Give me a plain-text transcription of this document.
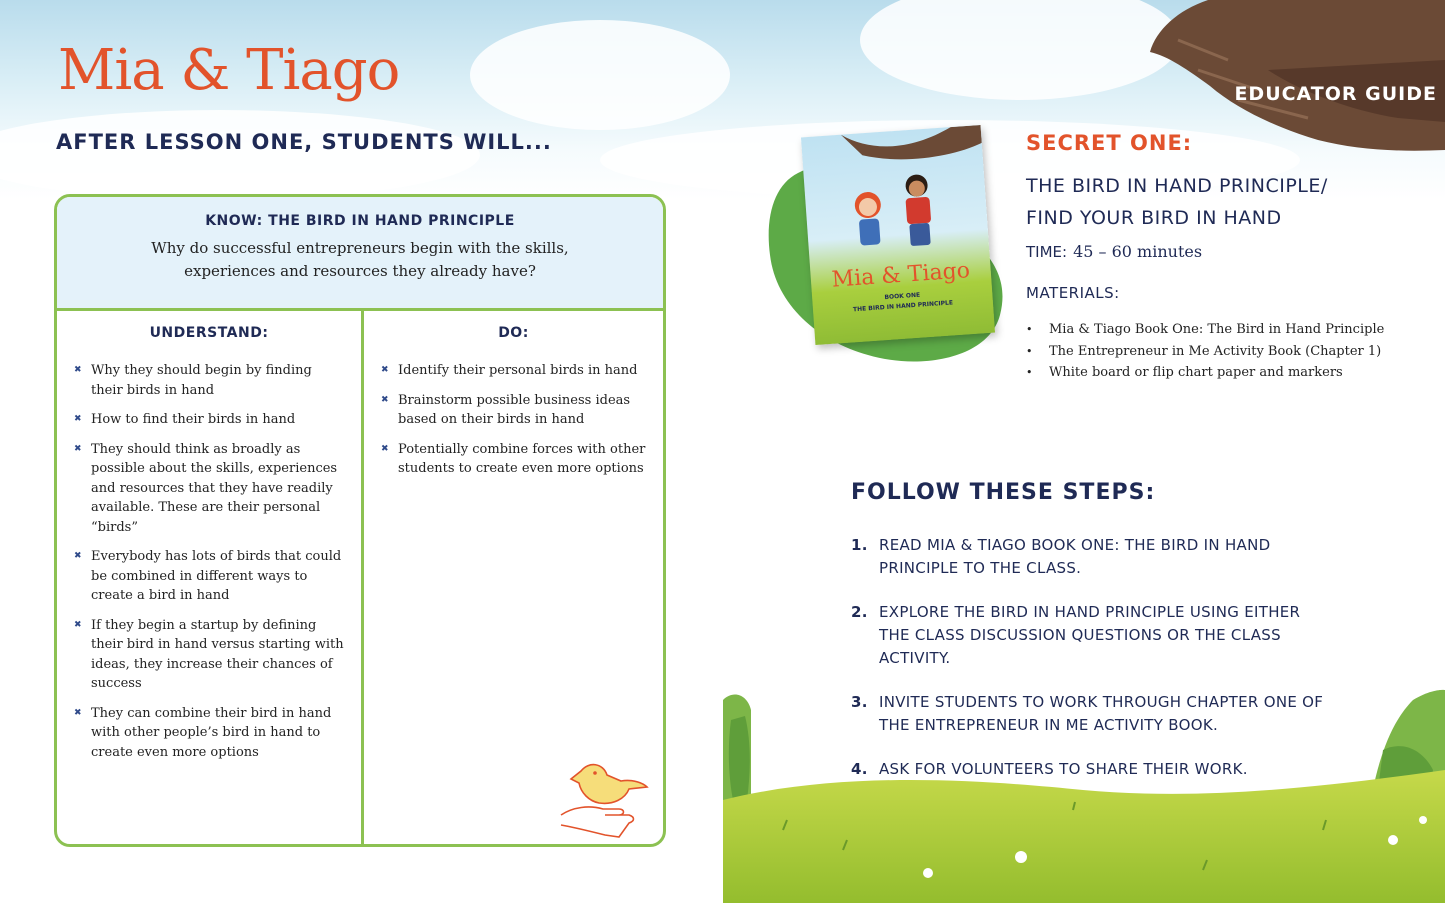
Mia & Tiago
AFTER LESSON ONE, STUDENTS WILL...
KNOW: THE BIRD IN HAND PRINCIPLE
Why do successful entrepreneurs begin with the skills, experiences and resources they already have?
UNDERSTAND:
✖ Why they should begin by finding their birds in hand
✖ How to find their birds in hand
✖ They should think as broadly as possible about the skills, experiences and resources that they have readily available. These are their personal “birds”
✖ Everybody has lots of birds that could be combined in different ways to create a bird in hand
✖ If they begin a startup by defining their bird in hand versus starting with ideas, they increase their chances of success
✖ They can combine their bird in hand with other people’s bird in hand to create even more options
DO:
✖ Identify their personal birds in hand
✖ Brainstorm possible business ideas based on their birds in hand
✖ Potentially combine forces with other students to create even more options
EDUCATOR GUIDE
Mia & Tiago
BOOK ONE
THE BIRD IN HAND PRINCIPLE
SECRET ONE:
THE BIRD IN HAND PRINCIPLE/
FIND YOUR BIRD IN HAND
TIME: 45 – 60 minutes
MATERIALS:
• Mia & Tiago Book One: The Bird in Hand Principle
• The Entrepreneur in Me Activity Book (Chapter 1)
• White board or flip chart paper and markers
FOLLOW THESE STEPS:
1. READ MIA & TIAGO BOOK ONE: THE BIRD IN HAND PRINCIPLE TO THE CLASS.
2. EXPLORE THE BIRD IN HAND PRINCIPLE USING EITHER THE CLASS DISCUSSION QUESTIONS OR THE CLASS ACTIVITY.
3. INVITE STUDENTS TO WORK THROUGH CHAPTER ONE OF THE ENTREPRENEUR IN ME ACTIVITY BOOK.
4. ASK FOR VOLUNTEERS TO SHARE THEIR WORK.
